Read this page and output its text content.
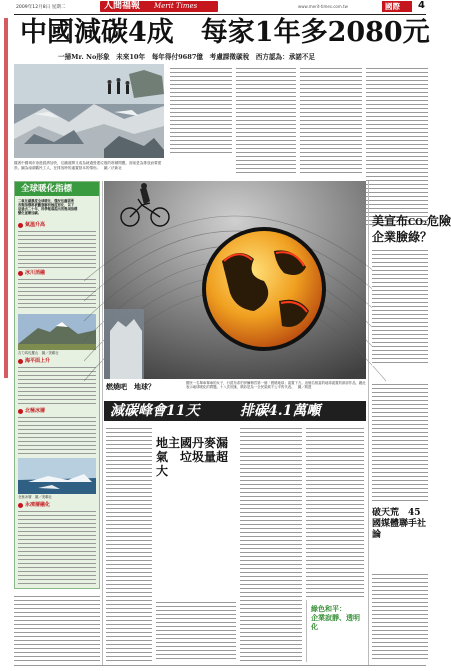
2009年12月8日 星期二	人間福報 Merit Times	www.merit-times.com.tw	國際 4
中國減碳4成　每家1年多2080元
一掃Mr. No形象　未來10年　每年得付9687億　考慮課徵碳稅　西方認為：承諾不足
隨著中國城市垂進經濟加快，往鐵道開又成為就過營建垃圾的堆積問題。面前是為排放而要建設。圖為南湖舊民工人，在排放時的處置基本的情形。　圖／法新社
全球暖化指標
二氧化碳濃度全球暖化、懂況伍龐需要
各類指標都被觀察解析極度惡化，以下
是過去二十年，科學報導提出的幾項指標
變化逐漸加劇。
氣溫升高
冰川消融
吉力馬札羅山　圖／美聯社
海平面上升
北極冰層
北極冰層　圖／美聯社
永凍層融化
燃燒吧　地球？	國民一名單車單車的女子，行經布希伯伊爾梅宮第一個「燃燒地球」裝置下方。這個名相當的地球裝置的兩部作品，藉此表示地球暖化的問題。十八次世匯，精彩是為一全民氣候不公平的代表。　圖／路透
美宣布CO₂危險
企業臉綠？
破天荒　45國媒體聯手社論
減碳峰會11天	排碳4.1萬噸
地主國丹麥漏氣　垃圾量超大
綠色和平：
企業寂靜、透明化
